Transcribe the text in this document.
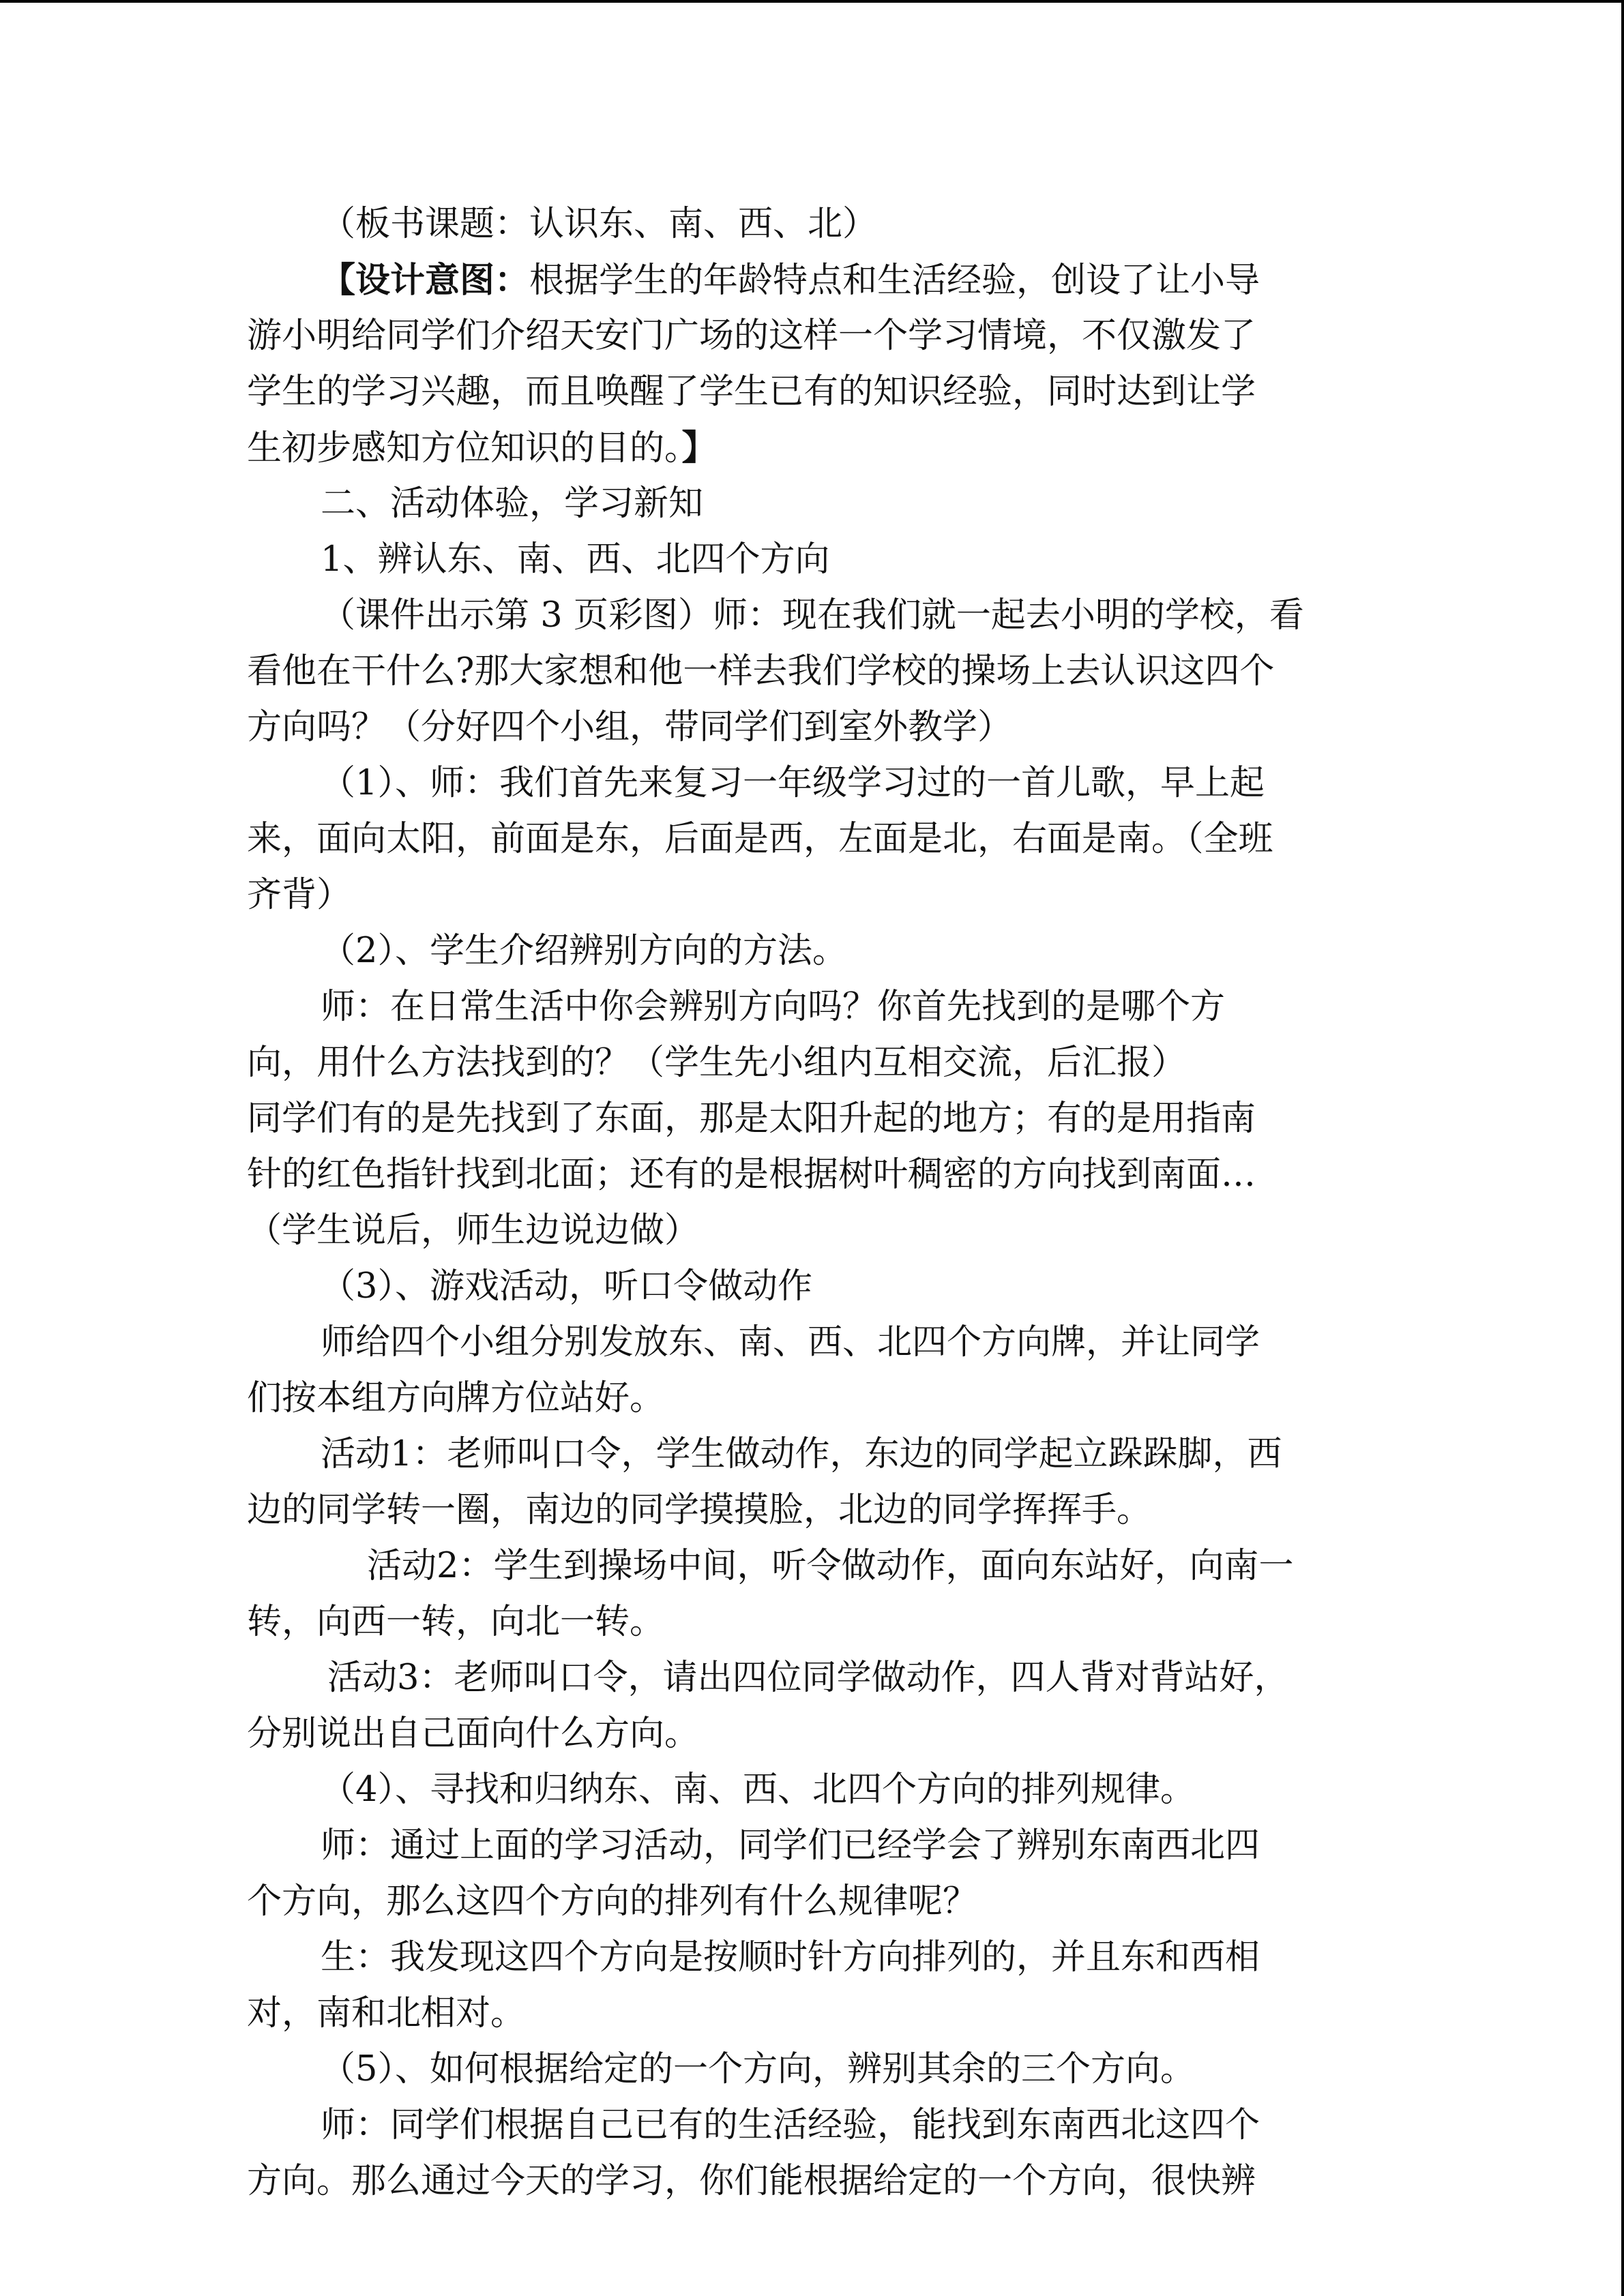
（板书课题：认识东、南、西、北）
【设计意图：根据学生的年龄特点和生活经验，创设了让小导
游小明给同学们介绍天安门广场的这样一个学习情境，不仅激发了
学生的学习兴趣，而且唤醒了学生已有的知识经验，同时达到让学
生初步感知方位知识的目的。】
二、活动体验，学习新知
1、辨认东、南、西、北四个方向
（课件出示第 3 页彩图）师：现在我们就一起去小明的学校，看
看他在干什么?那大家想和他一样去我们学校的操场上去认识这四个
方向吗？（分好四个小组，带同学们到室外教学）
（1）、师：我们首先来复习一年级学习过的一首儿歌，早上起
来，面向太阳，前面是东，后面是西，左面是北，右面是南。（全班
齐背）
（2）、学生介绍辨别方向的方法。
师：在日常生活中你会辨别方向吗？你首先找到的是哪个方
向，用什么方法找到的？（学生先小组内互相交流，后汇报）
同学们有的是先找到了东面，那是太阳升起的地方；有的是用指南
针的红色指针找到北面；还有的是根据树叶稠密的方向找到南面…
（学生说后，师生边说边做）
（3）、游戏活动，听口令做动作
师给四个小组分别发放东、南、西、北四个方向牌，并让同学
们按本组方向牌方位站好。
活动1：老师叫口令，学生做动作，东边的同学起立跺跺脚，西
边的同学转一圈，南边的同学摸摸脸，北边的同学挥挥手。
活动2：学生到操场中间，听令做动作，面向东站好，向南一
转，向西一转，向北一转。
活动3：老师叫口令，请出四位同学做动作，四人背对背站好，
分别说出自己面向什么方向。
（4）、寻找和归纳东、南、西、北四个方向的排列规律。
师：通过上面的学习活动，同学们已经学会了辨别东南西北四
个方向，那么这四个方向的排列有什么规律呢？
生：我发现这四个方向是按顺时针方向排列的，并且东和西相
对，南和北相对。
（5）、如何根据给定的一个方向，辨别其余的三个方向。
师：同学们根据自己已有的生活经验，能找到东南西北这四个
方向。那么通过今天的学习，你们能根据给定的一个方向，很快辨
